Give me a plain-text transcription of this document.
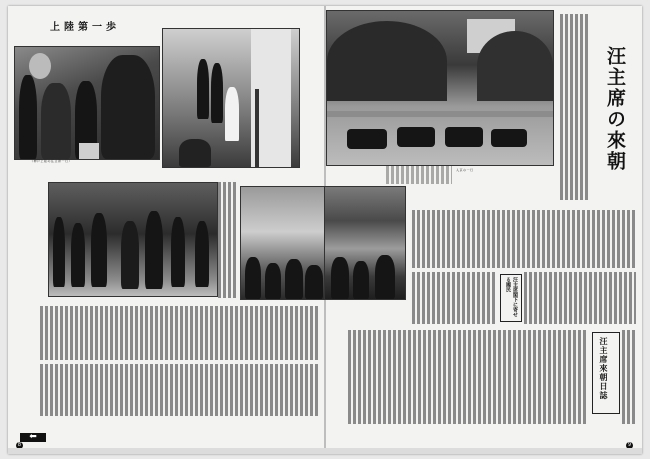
上陸第一歩
（神戸上陸の汪主席一行）
8
⬅
入京の一行	汪主席の來朝
汪主席閣下に寄せる國民
汪主席來朝日誌
9
